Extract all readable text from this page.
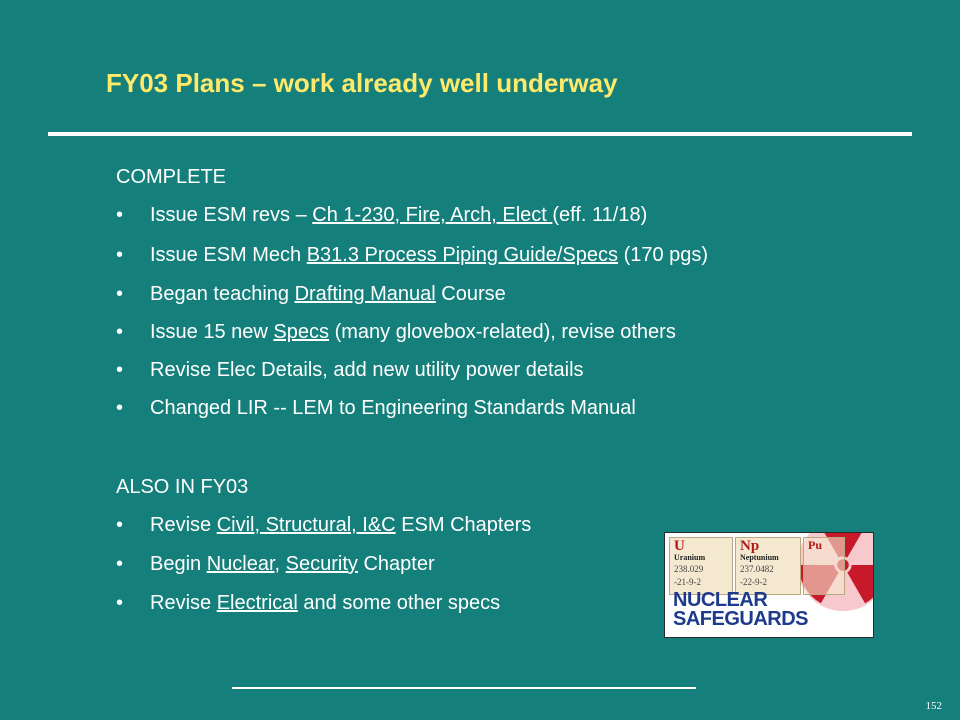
FY03 Plans – work already well underway
COMPLETE
•	Issue ESM revs – Ch 1-230, Fire, Arch, Elect (eff. 11/18)
•	Issue ESM Mech B31.3 Process Piping Guide/Specs (170 pgs)
•	Began teaching Drafting Manual Course
•	Issue 15 new Specs (many glovebox-related), revise others
•	Revise Elec Details, add new utility power details
•	Changed LIR -- LEM to Engineering Standards Manual
ALSO IN FY03
•	Revise Civil, Structural, I&C ESM Chapters
•	Begin Nuclear, Security Chapter
•	Revise Electrical and some other specs
U
Uranium
238.029
-21-9-2
Np
Neptunium
237.0482
-22-9-2
Pu
NUCLEAR
SAFEGUARDS
152
